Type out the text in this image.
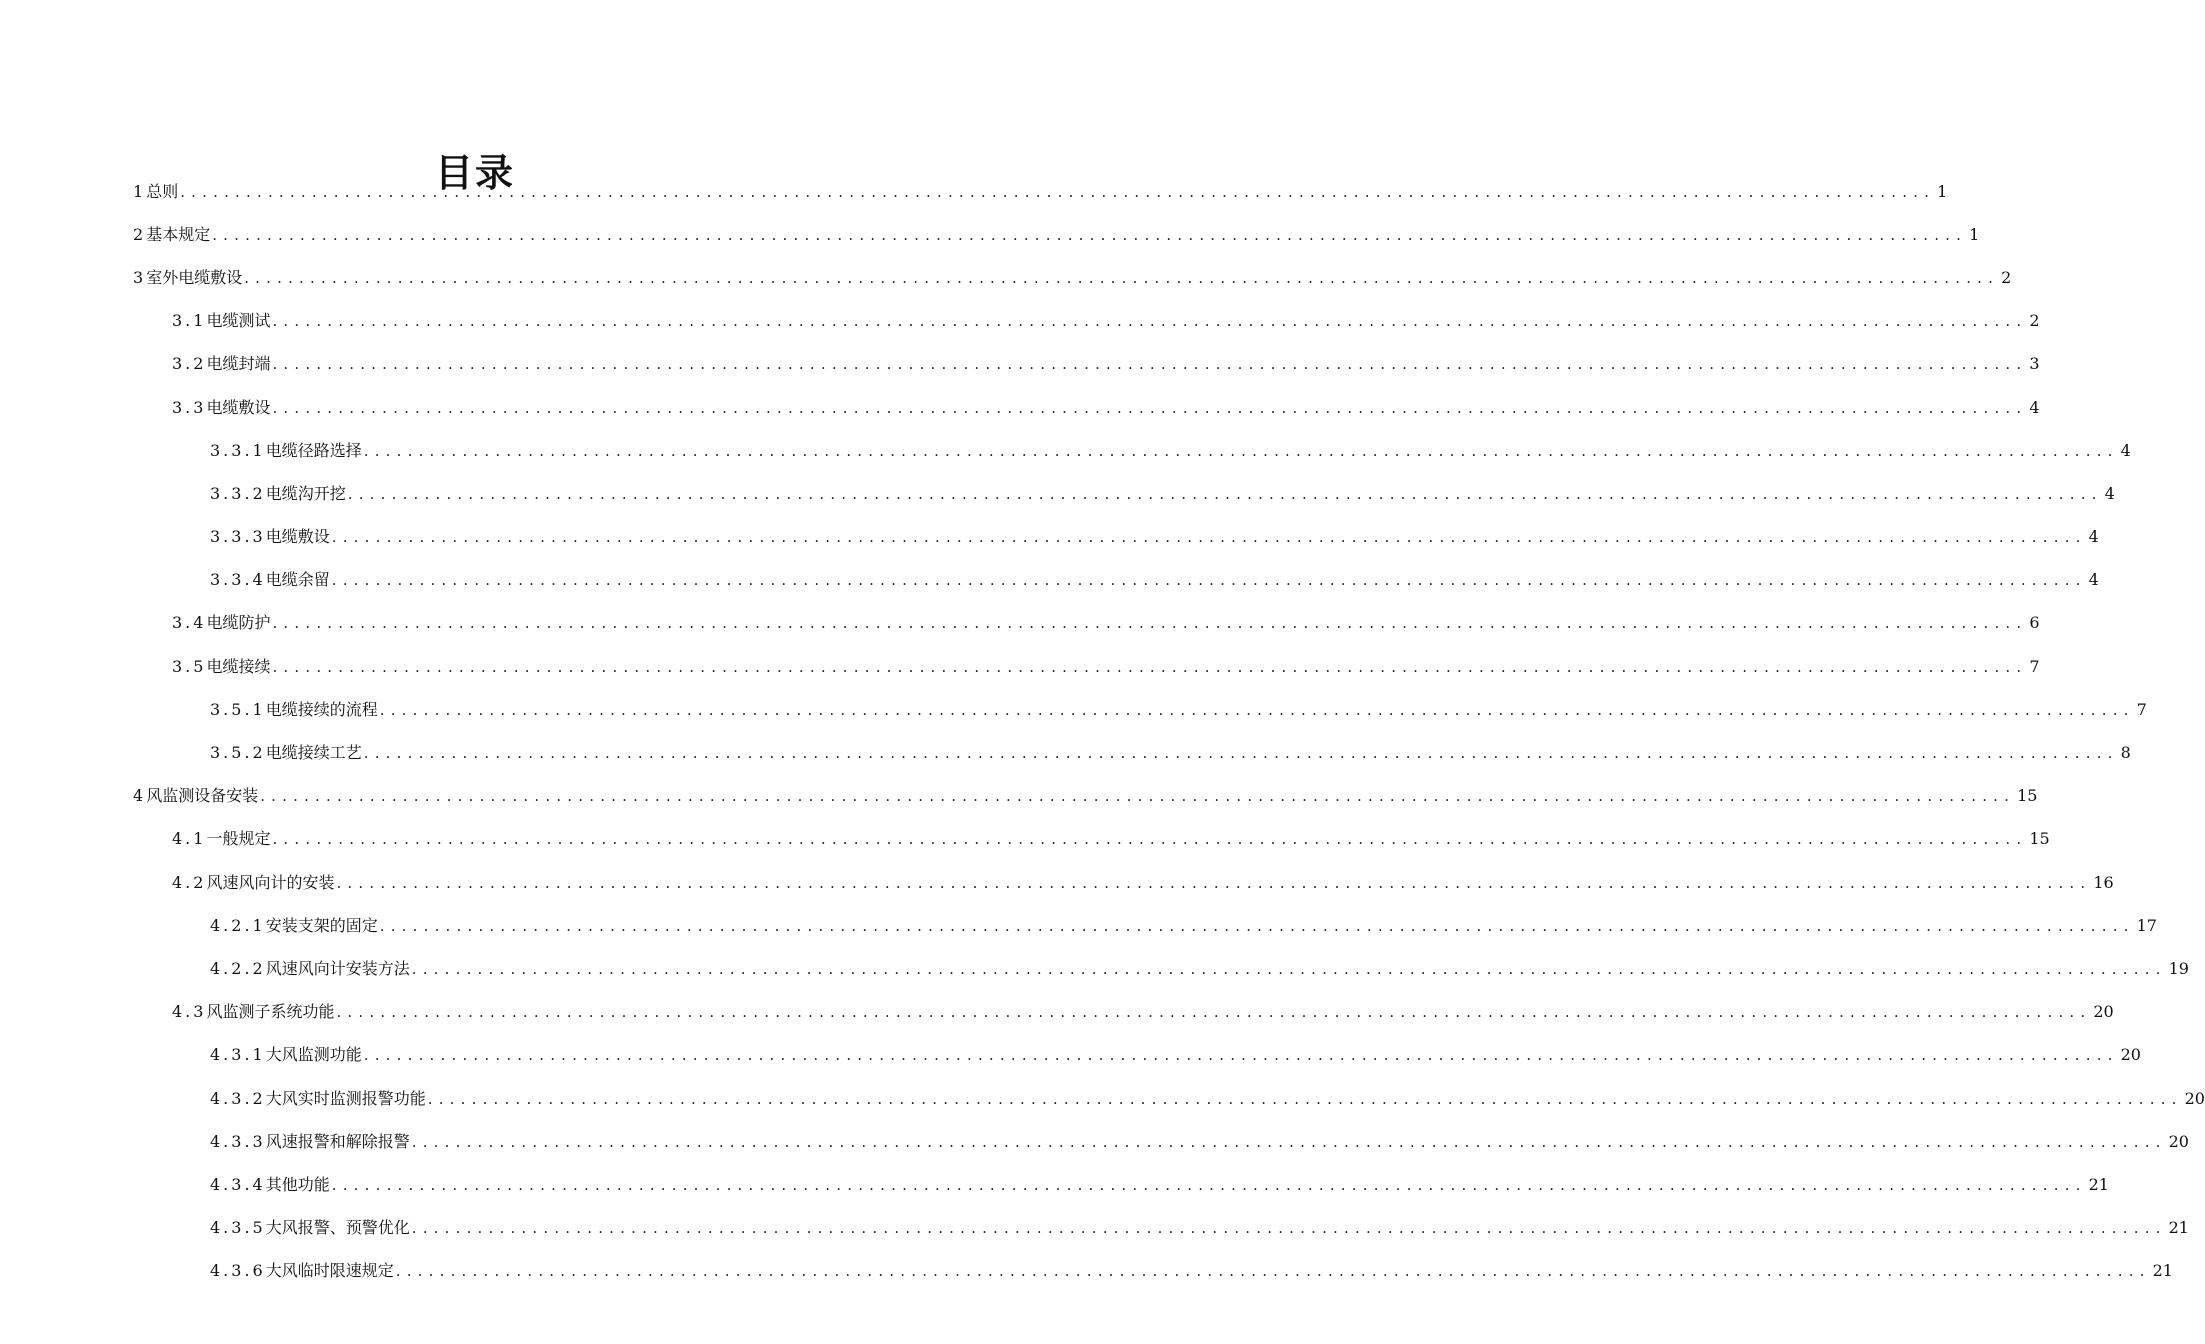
目录
1总则 ................................................................................................................................................................ 1
2基本规定 ................................................................................................................................................................ 1
3室外电缆敷设 ................................................................................................................................................................ 2
3.1电缆测试 ................................................................................................................................................................ 2
3.2电缆封端 ................................................................................................................................................................ 3
3.3电缆敷设 ................................................................................................................................................................ 4
3.3.1电缆径路选择 ................................................................................................................................................................ 4
3.3.2电缆沟开挖 ................................................................................................................................................................ 4
3.3.3电缆敷设 ................................................................................................................................................................ 4
3.3.4电缆余留 ................................................................................................................................................................ 4
3.4电缆防护 ................................................................................................................................................................ 6
3.5电缆接续 ................................................................................................................................................................ 7
3.5.1电缆接续的流程 ................................................................................................................................................................ 7
3.5.2电缆接续工艺 ................................................................................................................................................................ 8
4风监测设备安装 ................................................................................................................................................................ 15
4.1一般规定 ................................................................................................................................................................ 15
4.2风速风向计的安装 ................................................................................................................................................................ 16
4.2.1安装支架的固定 ................................................................................................................................................................ 17
4.2.2风速风向计安装方法 ................................................................................................................................................................ 19
4.3风监测子系统功能 ................................................................................................................................................................ 20
4.3.1大风监测功能 ................................................................................................................................................................ 20
4.3.2大风实时监测报警功能 ................................................................................................................................................................ 20
4.3.3风速报警和解除报警 ................................................................................................................................................................ 20
4.3.4其他功能 ................................................................................................................................................................ 21
4.3.5大风报警、预警优化 ................................................................................................................................................................ 21
4.3.6大风临时限速规定 ................................................................................................................................................................ 21
